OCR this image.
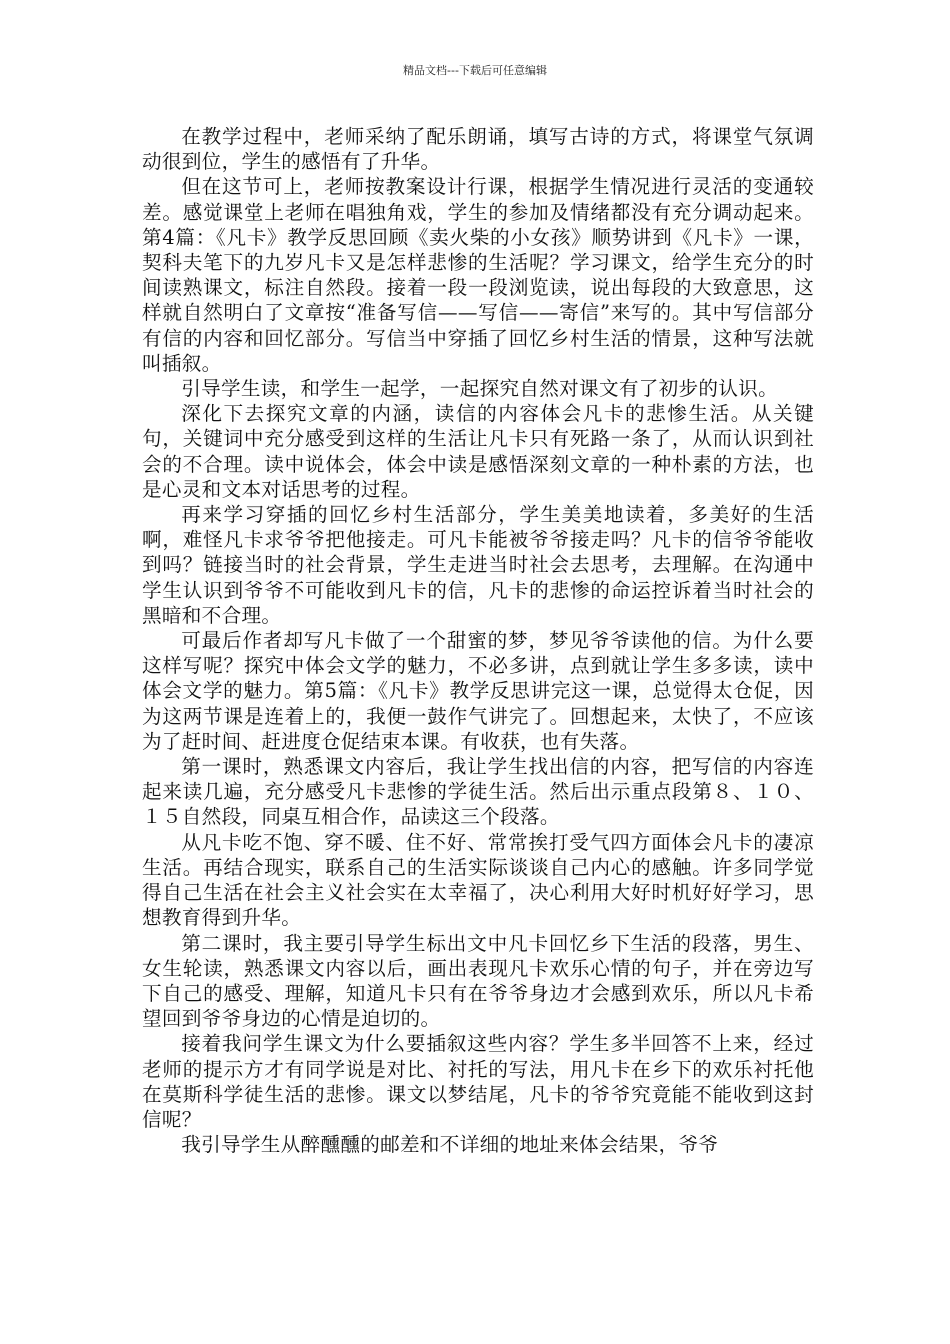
精品文档---下载后可任意编辑

在教学过程中，老师采纳了配乐朗诵，填写古诗的方式，将课堂气氛调动很到位，学生的感悟有了升华。

但在这节可上，老师按教案设计行课，根据学生情况进行灵活的变通较差。感觉课堂上老师在唱独角戏，学生的参加及情绪都没有充分调动起来。第4篇：《凡卡》教学反思回顾《卖火柴的小女孩》顺势讲到《凡卡》一课，契科夫笔下的九岁凡卡又是怎样悲惨的生活呢？学习课文，给学生充分的时间读熟课文，标注自然段。接着一段一段浏览读，说出每段的大致意思，这样就自然明白了文章按“准备写信——写信——寄信”来写的。其中写信部分有信的内容和回忆部分。写信当中穿插了回忆乡村生活的情景，这种写法就叫插叙。

引导学生读，和学生一起学，一起探究自然对课文有了初步的认识。

深化下去探究文章的内涵，读信的内容体会凡卡的悲惨生活。从关键句，关键词中充分感受到这样的生活让凡卡只有死路一条了，从而认识到社会的不合理。读中说体会，体会中读是感悟深刻文章的一种朴素的方法，也是心灵和文本对话思考的过程。

再来学习穿插的回忆乡村生活部分，学生美美地读着，多美好的生活啊，难怪凡卡求爷爷把他接走。可凡卡能被爷爷接走吗？凡卡的信爷爷能收到吗？链接当时的社会背景，学生走进当时社会去思考，去理解。在沟通中学生认识到爷爷不可能收到凡卡的信，凡卡的悲惨的命运控诉着当时社会的黑暗和不合理。

可最后作者却写凡卡做了一个甜蜜的梦，梦见爷爷读他的信。为什么要这样写呢？探究中体会文学的魅力，不必多讲，点到就让学生多多读，读中体会文学的魅力。第5篇：《凡卡》教学反思讲完这一课，总觉得太仓促，因为这两节课是连着上的，我便一鼓作气讲完了。回想起来，太快了，不应该为了赶时间、赶进度仓促结束本课。有收获，也有失落。

第一课时，熟悉课文内容后，我让学生找出信的内容，把写信的内容连起来读几遍，充分感受凡卡悲惨的学徒生活。然后出示重点段第８、１０、１５自然段，同桌互相合作，品读这三个段落。

从凡卡吃不饱、穿不暖、住不好、常常挨打受气四方面体会凡卡的凄凉生活。再结合现实，联系自己的生活实际谈谈自己内心的感触。许多同学觉得自己生活在社会主义社会实在太幸福了，决心利用大好时机好好学习，思想教育得到升华。

第二课时，我主要引导学生标出文中凡卡回忆乡下生活的段落，男生、女生轮读，熟悉课文内容以后，画出表现凡卡欢乐心情的句子，并在旁边写下自己的感受、理解，知道凡卡只有在爷爷身边才会感到欢乐，所以凡卡希望回到爷爷身边的心情是迫切的。

接着我问学生课文为什么要插叙这些内容？学生多半回答不上来，经过老师的提示方才有同学说是对比、衬托的写法，用凡卡在乡下的欢乐衬托他在莫斯科学徒生活的悲惨。课文以梦结尾，凡卡的爷爷究竟能不能收到这封信呢？

我引导学生从醉醺醺的邮差和不详细的地址来体会结果，爷爷
